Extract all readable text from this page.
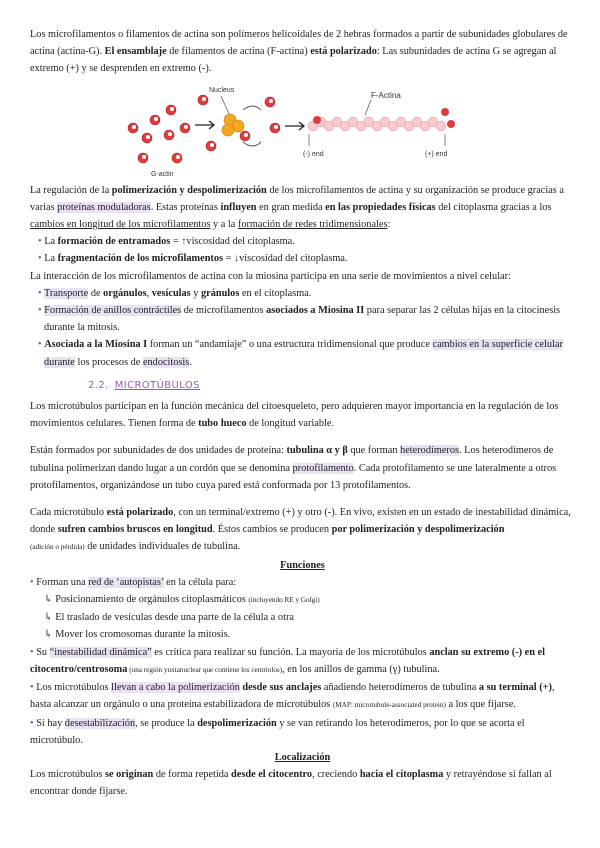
Los microfilamentos o filamentos de actina son polímeros helicoidales de 2 hebras formados a partir de subunidades globulares de actina (actina-G). El ensamblaje de filamentos de actina (F-actina) está polarizado: Las subunidades de actina G se agregan al extremo (+) y se desprenden en extremo (-).

Nucleus
G-actin
F-Actina
(-) end	(+) end

La regulación de la polimerización y despolimerización de los microfilamentos de actina y su organización se produce gracias a varias proteínas moduladoras. Estas proteínas influyen en gran medida en las propiedades físicas del citoplasma gracias a los cambios en longitud de los microfilamentos y a la formación de redes tridimensionales:

• La formación de entramados = ↑viscosidad del citoplasma.

• La fragmentación de los microfilamentos = ↓viscosidad del citoplasma.

La interacción de los microfilamentos de actina con la miosina participa en una serie de movimientos a nivel celular:

• Transporte de orgánulos, vesículas y gránulos en el citoplasma.

• Formación de anillos contráctiles de microfilamentos asociados a Miosina II para separar las 2 células hijas en la citocinesis durante la mitosis.

• Asociada a la Miosina I forman un “andamiaje” o una estructura tridimensional que produce cambios en la superficie celular durante los procesos de endocitosis.

2.2. MICROTÚBULOS

Los microtúbulos participan en la función mecánica del citoesqueleto, pero adquieren mayor importancia en la regulación de los movimientos celulares. Tienen forma de tubo hueco de longitud variable.

Están formados por subunidades de dos unidades de proteína: tubulina α y β que forman heterodímeros. Los heterodímeros de tubulina polimerizan dando lugar a un cordón que se denomina protofilamento. Cada protofilamento se une lateralmente a otros protofilamentos, organizándose un tubo cuya pared está conformada por 13 protofilamentos.

Cada microtúbulo está polarizado, con un terminal/extremo (+) y otro (-). En vivo, existen en un estado de inestabilidad dinámica, donde sufren cambios bruscos en longitud. Éstos cambios se producen por polimerización y despolimerización
(adición o pérdida) de unidades individuales de tubulina.

Funciones

• Forman una red de ‘autopistas’ en la célula para:

↳ Posicionamiento de orgánulos citoplasmáticos (incluyendo RE y Golgi)

↳ El traslado de vesículas desde una parte de la célula a otra

↳ Mover los cromosomas durante la mitosis.

• Su “inestabilidad dinámica” es crítica para realizar su función. La mayoría de los microtúbulos anclan su extremo (-) en el citocentro/centrosoma (una región yuxtanuclear que contiene los centriolos), en los anillos de gamma (γ) tubulina.

• Los microtúbulos llevan a cabo la polimerización desde sus anclajes añadiendo heterodímeros de tubulina a su terminal (+), hasta alcanzar un orgánulo o una proteína estabilizadora de microtúbulos (MAP: microtubule-associated protein) a los que fijarse.

• Si hay desestabilización, se produce la despolimerización y se van retirando los heterodímeros, por lo que se acorta el microtúbulo.

Localización

Los microtúbulos se originan de forma repetida desde el citocentro, creciendo hacia el citoplasma y retrayéndose si fallan al encontrar donde fijarse.
